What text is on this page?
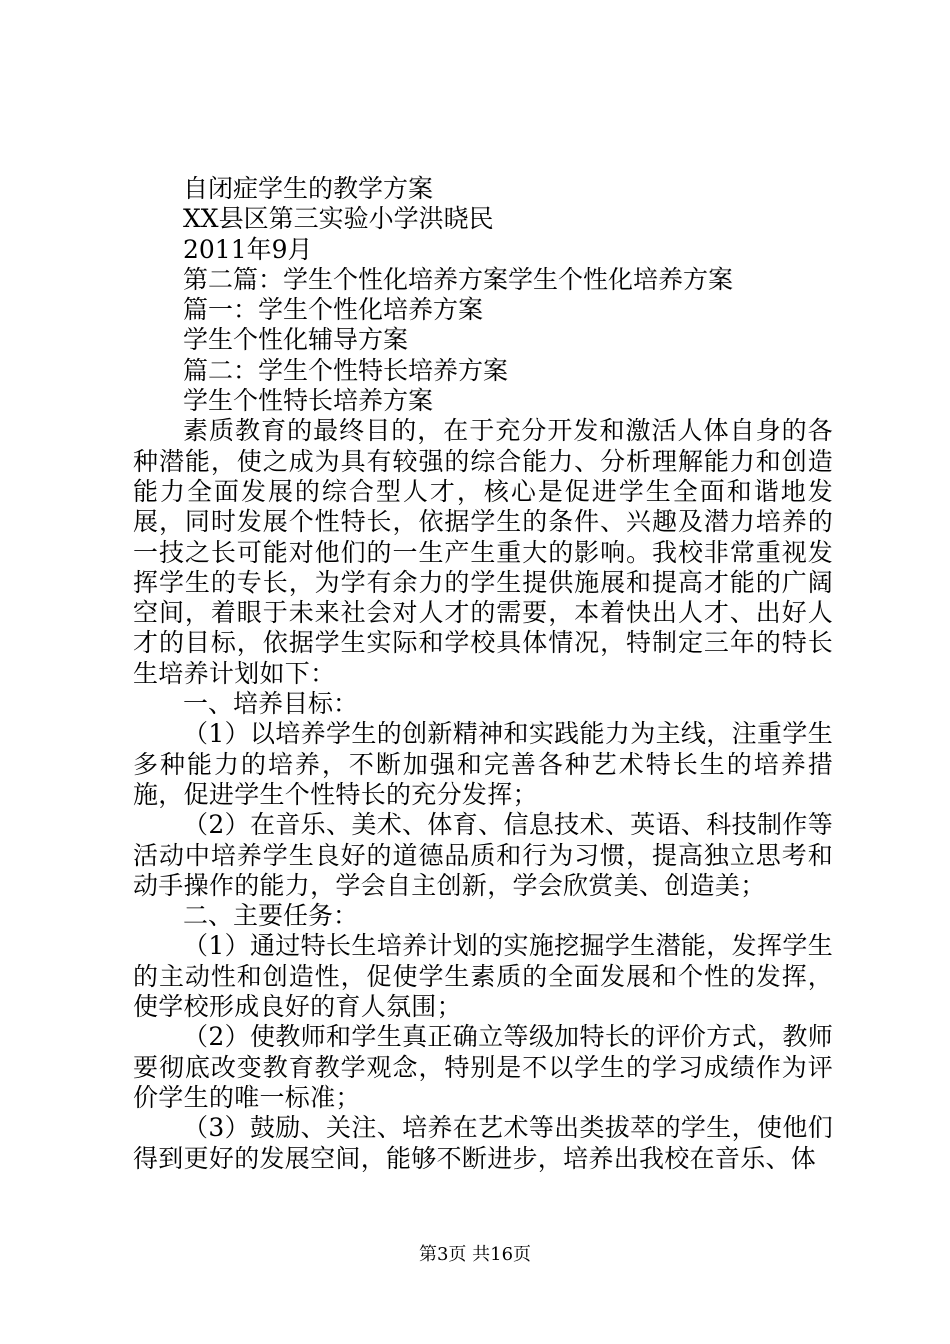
自闭症学生的教学方案

XX县区第三实验小学洪晓民

2011年9月

第二篇：学生个性化培养方案学生个性化培养方案

篇一：学生个性化培养方案

学生个性化辅导方案

篇二：学生个性特长培养方案

学生个性特长培养方案

素质教育的最终目的，在于充分开发和激活人体自身的各种潜能，使之成为具有较强的综合能力、分析理解能力和创造能力全面发展的综合型人才，核心是促进学生全面和谐地发展，同时发展个性特长，依据学生的条件、兴趣及潜力培养的一技之长可能对他们的一生产生重大的影响。我校非常重视发挥学生的专长，为学有余力的学生提供施展和提高才能的广阔空间，着眼于未来社会对人才的需要，本着快出人才、出好人才的目标，依据学生实际和学校具体情况，特制定三年的特长生培养计划如下：

一、培养目标：

（1）以培养学生的创新精神和实践能力为主线，注重学生多种能力的培养，不断加强和完善各种艺术特长生的培养措施，促进学生个性特长的充分发挥；

（2）在音乐、美术、体育、信息技术、英语、科技制作等活动中培养学生良好的道德品质和行为习惯，提高独立思考和动手操作的能力，学会自主创新，学会欣赏美、创造美；

二、主要任务：

（1）通过特长生培养计划的实施挖掘学生潜能，发挥学生的主动性和创造性，促使学生素质的全面发展和个性的发挥，使学校形成良好的育人氛围；

（2）使教师和学生真正确立等级加特长的评价方式，教师要彻底改变教育教学观念，特别是不以学生的学习成绩作为评价学生的唯一标准；

（3）鼓励、关注、培养在艺术等出类拔萃的学生，使他们得到更好的发展空间，能够不断进步，培养出我校在音乐、体

第3页 共16页
